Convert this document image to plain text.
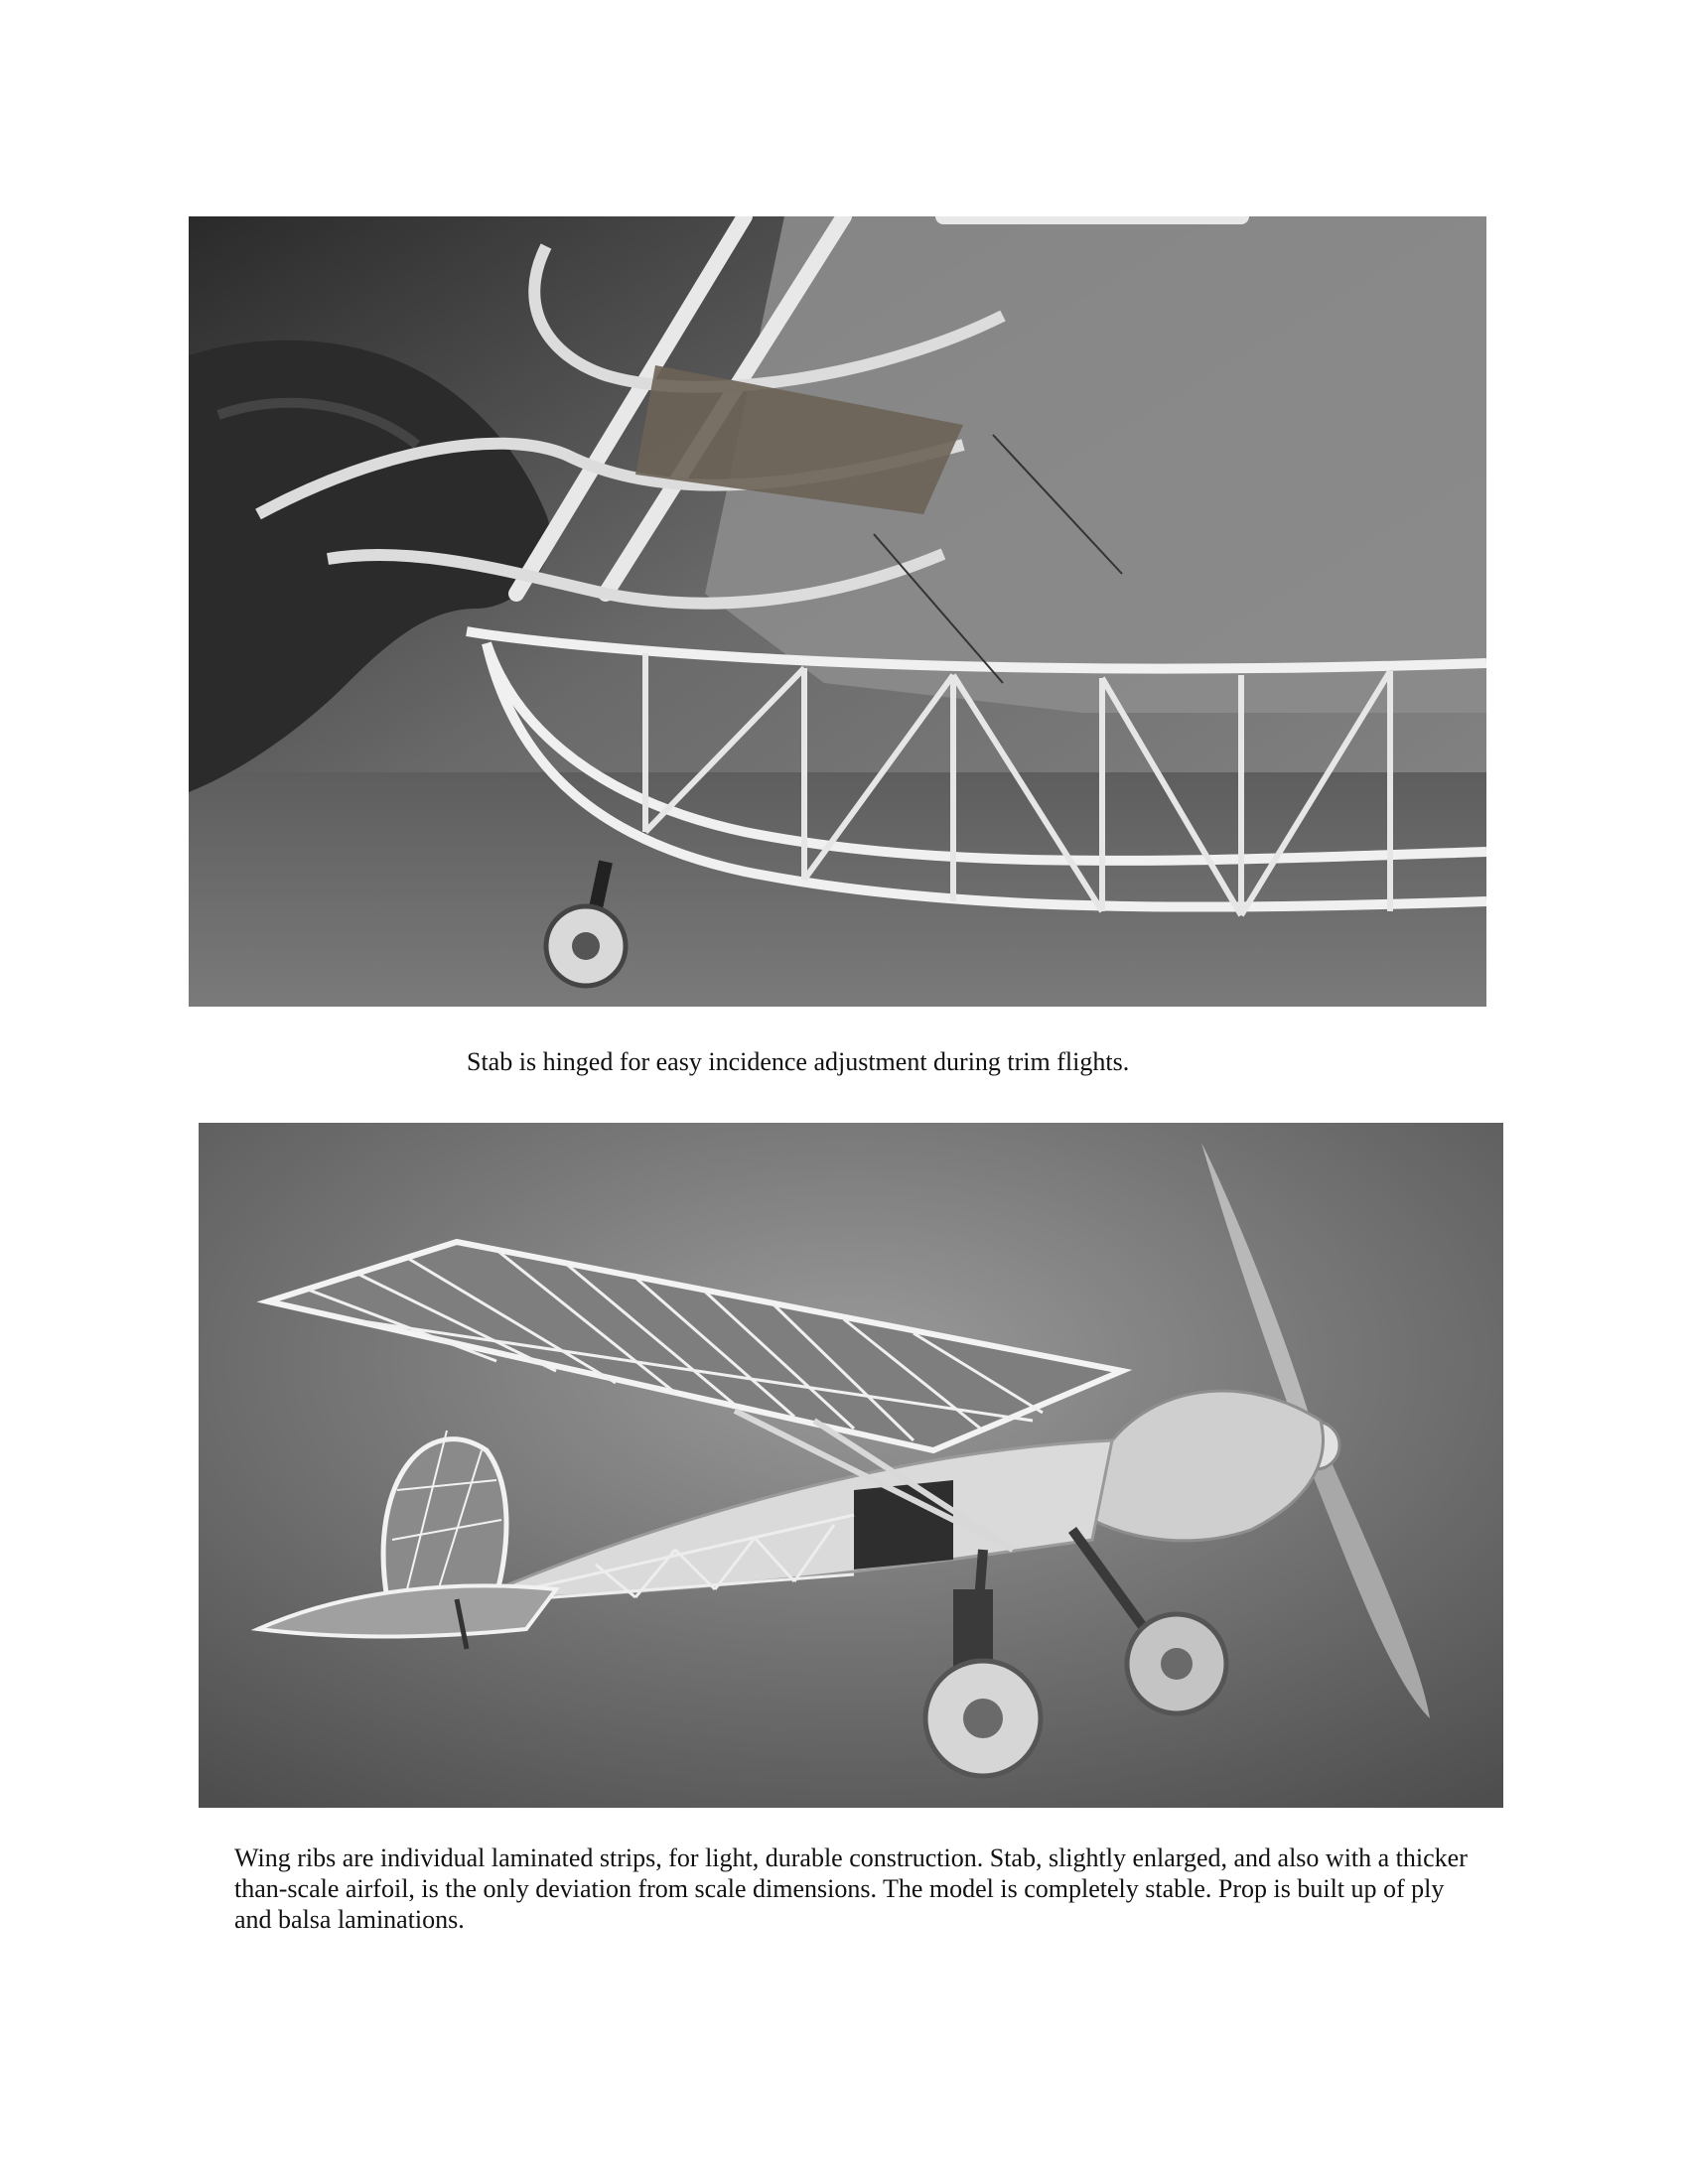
Stab is hinged for easy incidence adjustment during trim flights.
Wing ribs are individual laminated strips, for light, durable construction. Stab, slightly enlarged, and also with a thicker than-scale airfoil, is the only deviation from scale dimensions. The model is completely stable. Prop is built up of ply and balsa laminations.
